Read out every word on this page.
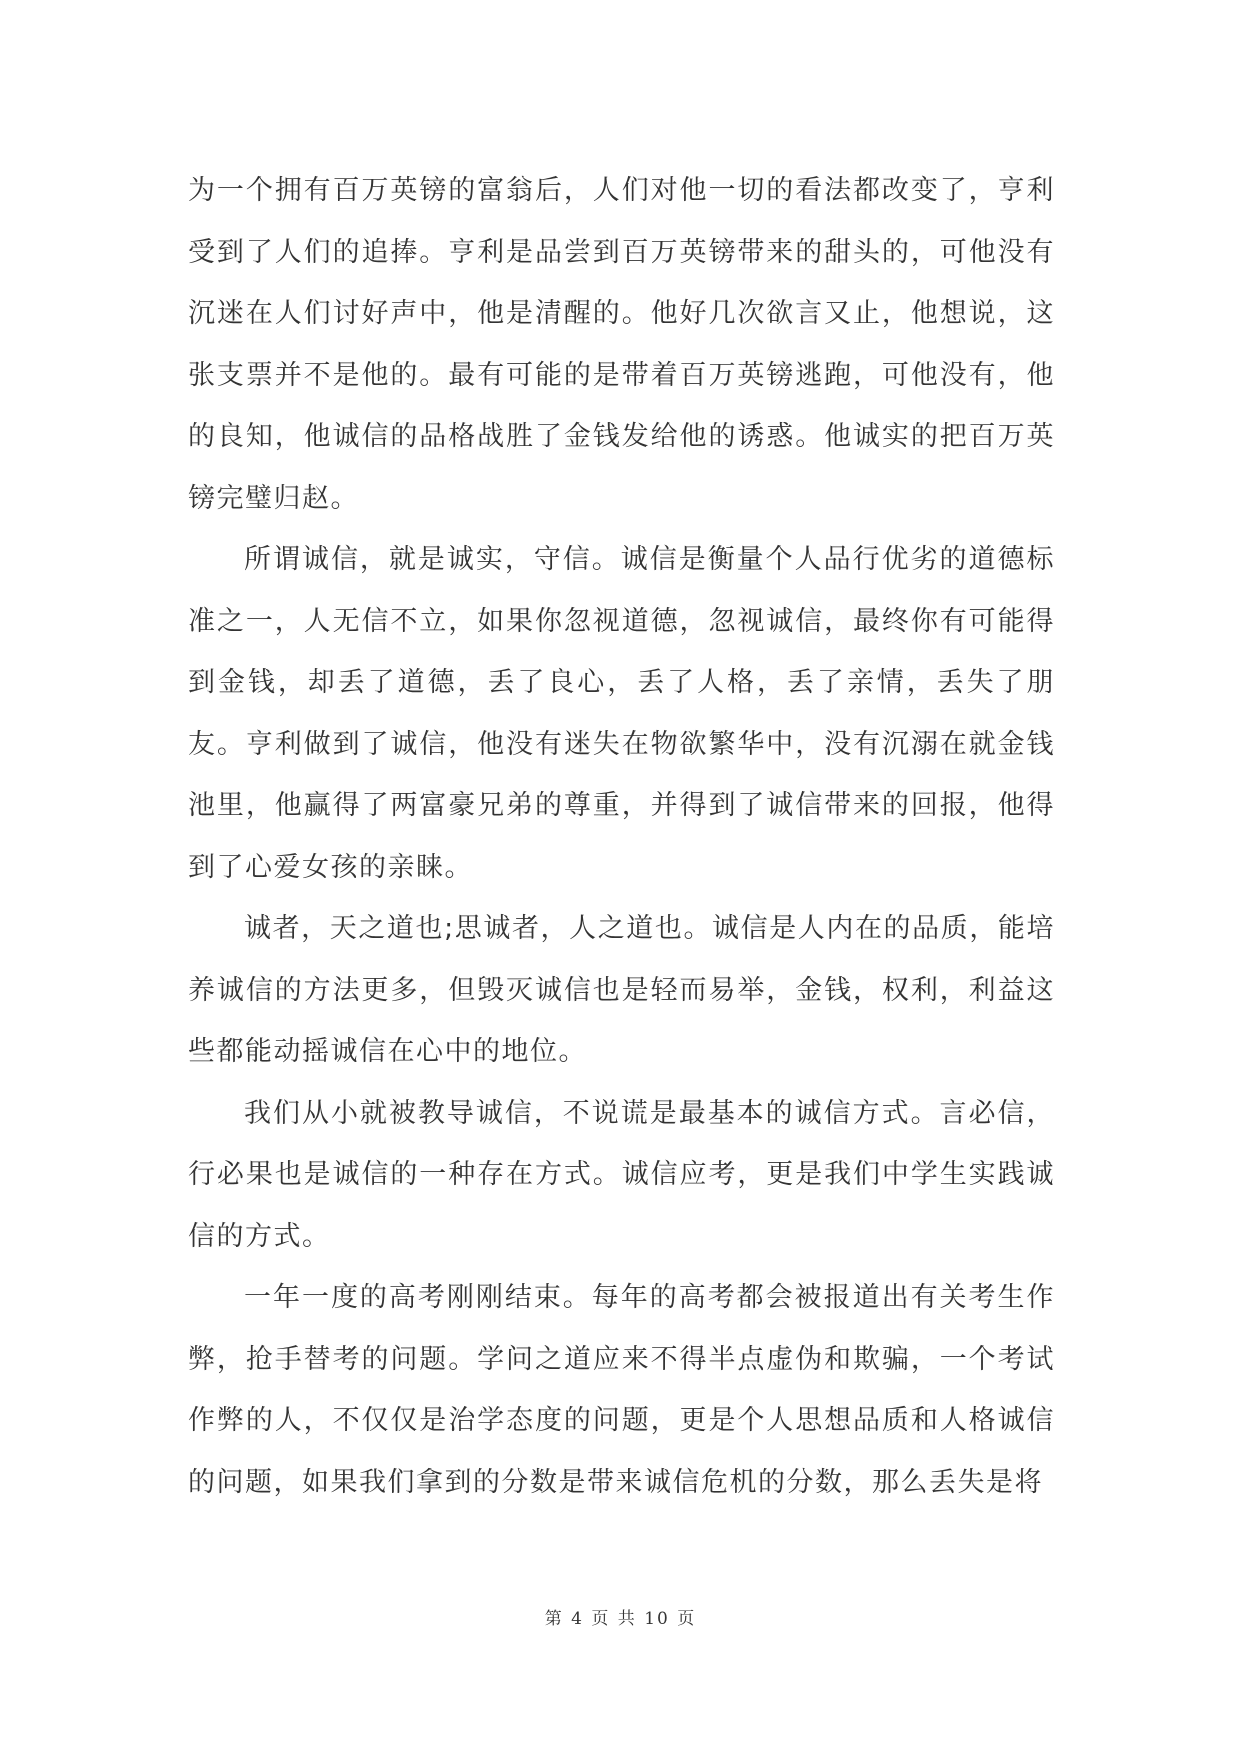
为一个拥有百万英镑的富翁后，人们对他一切的看法都改变了，亨利受到了人们的追捧。亨利是品尝到百万英镑带来的甜头的，可他没有沉迷在人们讨好声中，他是清醒的。他好几次欲言又止，他想说，这张支票并不是他的。最有可能的是带着百万英镑逃跑，可他没有，他的良知，他诚信的品格战胜了金钱发给他的诱惑。他诚实的把百万英镑完璧归赵。

所谓诚信，就是诚实，守信。诚信是衡量个人品行优劣的道德标准之一，人无信不立，如果你忽视道德，忽视诚信，最终你有可能得到金钱，却丢了道德，丢了良心，丢了人格，丢了亲情，丢失了朋友。亨利做到了诚信，他没有迷失在物欲繁华中，没有沉溺在就金钱池里，他赢得了两富豪兄弟的尊重，并得到了诚信带来的回报，他得到了心爱女孩的亲睐。

诚者，天之道也;思诚者，人之道也。诚信是人内在的品质，能培养诚信的方法更多，但毁灭诚信也是轻而易举，金钱，权利，利益这些都能动摇诚信在心中的地位。

我们从小就被教导诚信，不说谎是最基本的诚信方式。言必信，行必果也是诚信的一种存在方式。诚信应考，更是我们中学生实践诚信的方式。

一年一度的高考刚刚结束。每年的高考都会被报道出有关考生作弊，抢手替考的问题。学问之道应来不得半点虚伪和欺骗，一个考试作弊的人，不仅仅是治学态度的问题，更是个人思想品质和人格诚信的问题，如果我们拿到的分数是带来诚信危机的分数，那么丢失是将

第 4 页 共 10 页
